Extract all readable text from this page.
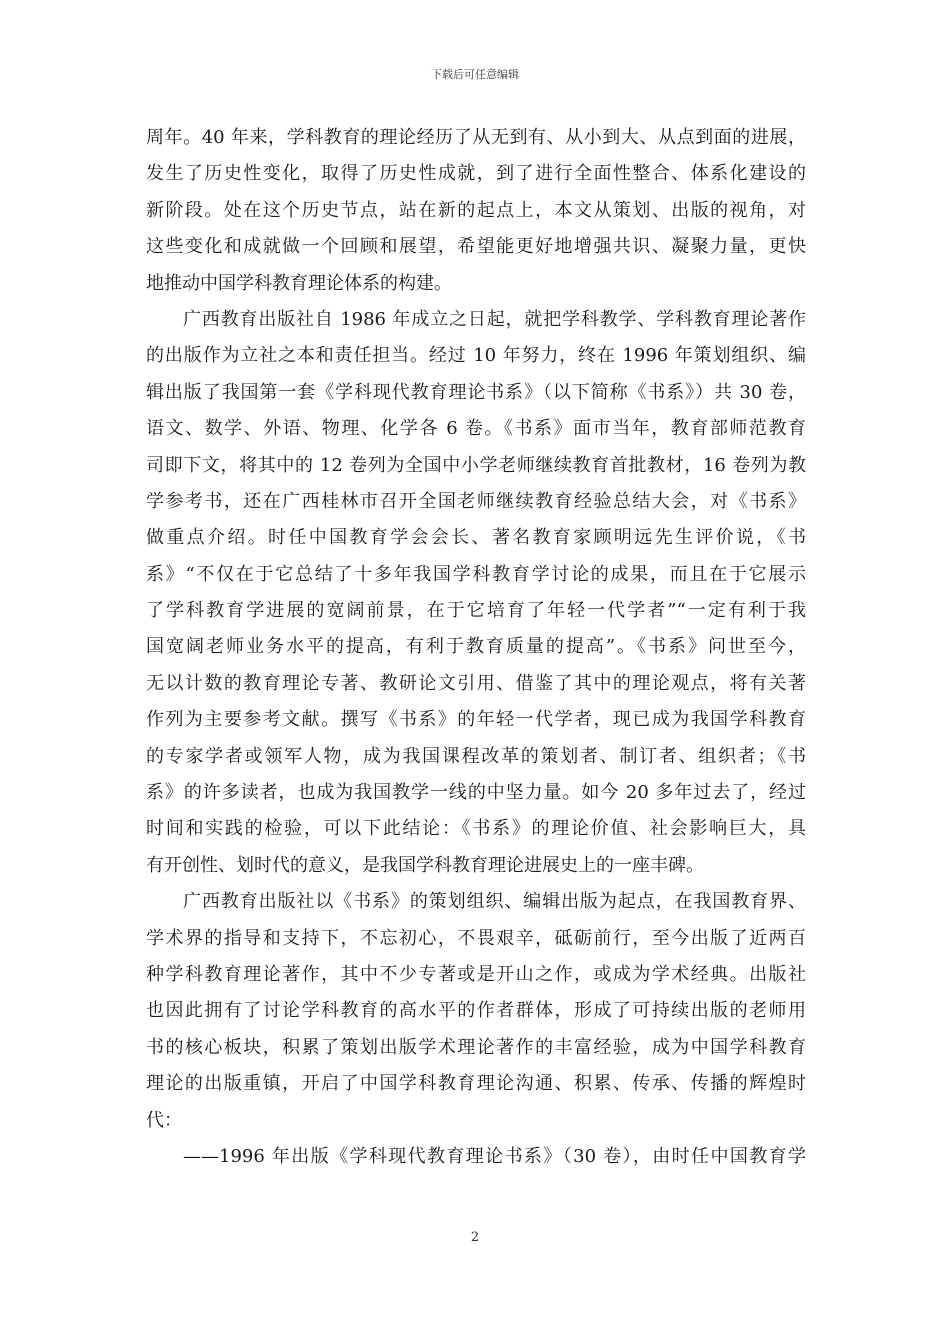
下载后可任意编辑
周年。40 年来，学科教育的理论经历了从无到有、从小到大、从点到面的进展，
发生了历史性变化，取得了历史性成就，到了进行全面性整合、体系化建设的
新阶段。处在这个历史节点，站在新的起点上，本文从策划、出版的视角，对
这些变化和成就做一个回顾和展望，希望能更好地增强共识、凝聚力量，更快
地推动中国学科教育理论体系的构建。
广西教育出版社自 1986 年成立之日起，就把学科教学、学科教育理论著作
的出版作为立社之本和责任担当。经过 10 年努力，终在 1996 年策划组织、编
辑出版了我国第一套《学科现代教育理论书系》（以下简称《书系》）共 30 卷，
语文、数学、外语、物理、化学各 6 卷。《书系》面市当年，教育部师范教育
司即下文，将其中的 12 卷列为全国中小学老师继续教育首批教材，16 卷列为教
学参考书，还在广西桂林市召开全国老师继续教育经验总结大会，对《书系》
做重点介绍。时任中国教育学会会长、著名教育家顾明远先生评价说，《书
系》“不仅在于它总结了十多年我国学科教育学讨论的成果，而且在于它展示
了学科教育学进展的宽阔前景，在于它培育了年轻一代学者”“一定有利于我
国宽阔老师业务水平的提高，有利于教育质量的提高”。《书系》问世至今，
无以计数的教育理论专著、教研论文引用、借鉴了其中的理论观点，将有关著
作列为主要参考文献。撰写《书系》的年轻一代学者，现已成为我国学科教育
的专家学者或领军人物，成为我国课程改革的策划者、制订者、组织者；《书
系》的许多读者，也成为我国教学一线的中坚力量。如今 20 多年过去了，经过
时间和实践的检验，可以下此结论：《书系》的理论价值、社会影响巨大，具
有开创性、划时代的意义，是我国学科教育理论进展史上的一座丰碑。
广西教育出版社以《书系》的策划组织、编辑出版为起点，在我国教育界、
学术界的指导和支持下，不忘初心，不畏艰辛，砥砺前行，至今出版了近两百
种学科教育理论著作，其中不少专著或是开山之作，或成为学术经典。出版社
也因此拥有了讨论学科教育的高水平的作者群体，形成了可持续出版的老师用
书的核心板块，积累了策划出版学术理论著作的丰富经验，成为中国学科教育
理论的出版重镇，开启了中国学科教育理论沟通、积累、传承、传播的辉煌时
代：
——1996 年出版《学科现代教育理论书系》（30 卷），由时任中国教育学
2
